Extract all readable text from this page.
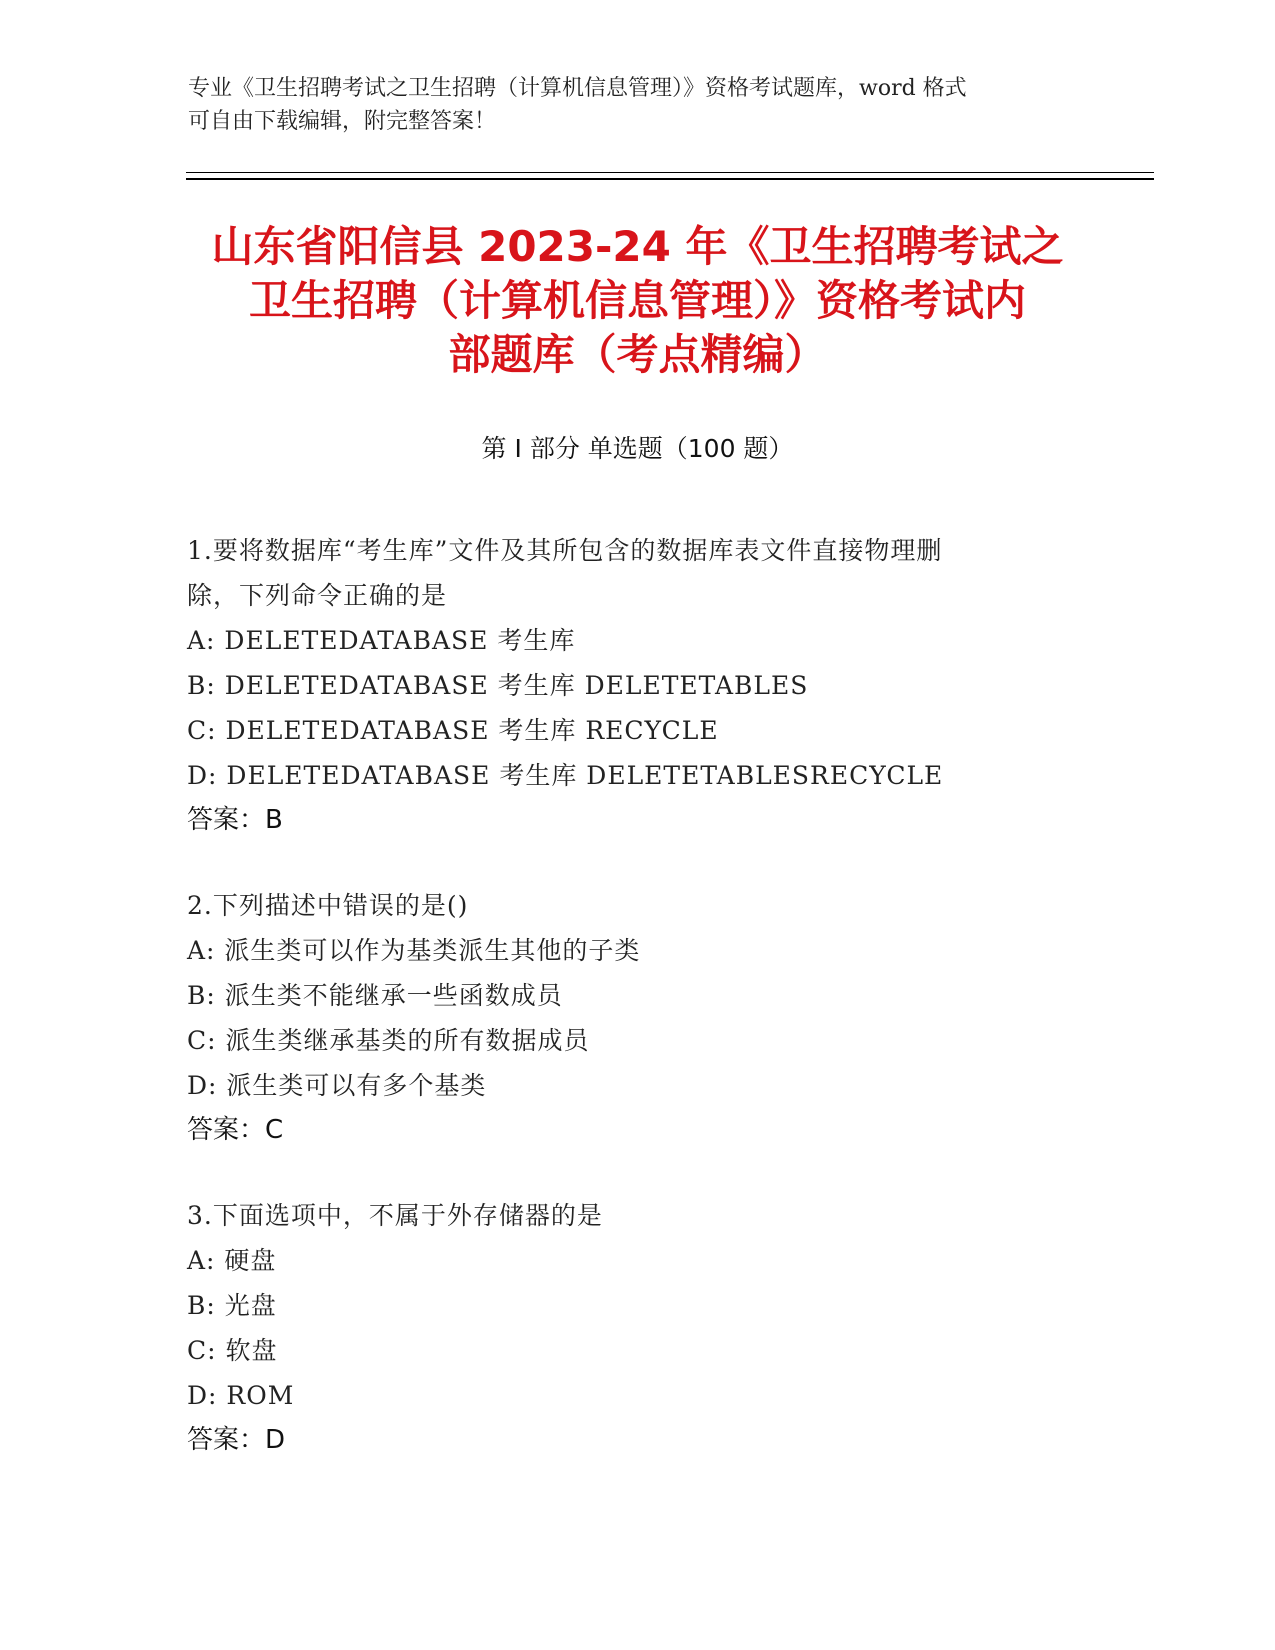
专业《卫生招聘考试之卫生招聘（计算机信息管理）》资格考试题库，word 格式
可自由下载编辑，附完整答案！
山东省阳信县 2023-24 年《卫生招聘考试之
卫生招聘（计算机信息管理）》资格考试内
部题库（考点精编）
第 I 部分 单选题（100 题）
1.要将数据库“考生库”文件及其所包含的数据库表文件直接物理删
除，下列命令正确的是
A: DELETEDATABASE 考生库
B: DELETEDATABASE 考生库 DELETETABLES
C: DELETEDATABASE 考生库 RECYCLE
D: DELETEDATABASE 考生库 DELETETABLESRECYCLE
答案：B
2.下列描述中错误的是()
A: 派生类可以作为基类派生其他的子类
B: 派生类不能继承一些函数成员
C: 派生类继承基类的所有数据成员
D: 派生类可以有多个基类
答案：C
3.下面选项中，不属于外存储器的是
A: 硬盘
B: 光盘
C: 软盘
D: ROM
答案：D
